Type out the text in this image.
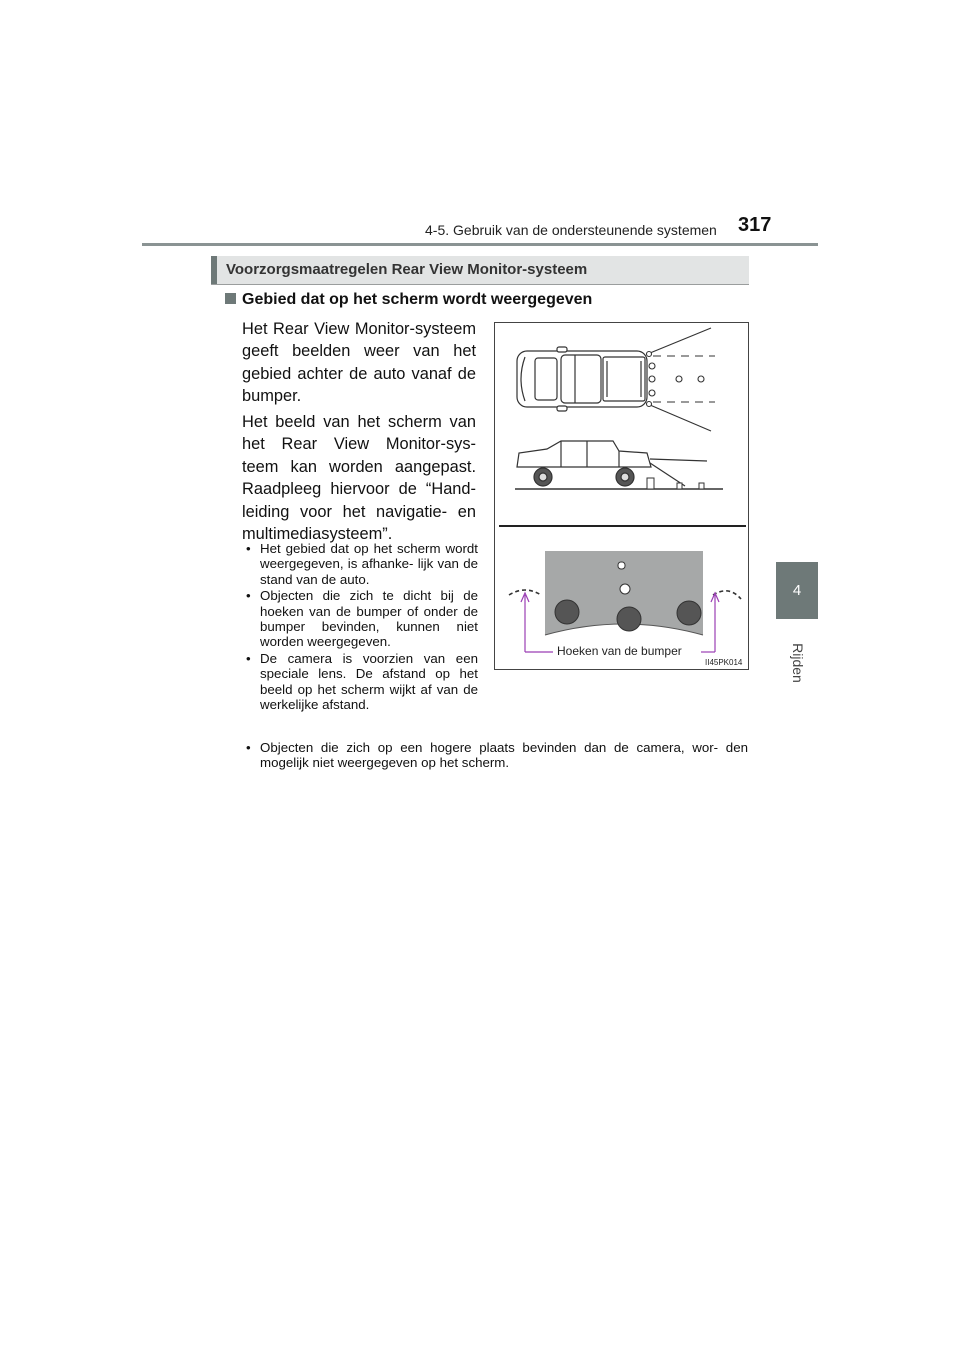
4-5. Gebruik van de ondersteunende systemen 317
4
Rijden
Voorzorgsmaatregelen Rear View Monitor-systeem
Gebied dat op het scherm wordt weergegeven
Het Rear View Monitor-systeem geeft beelden weer van het gebied achter de auto vanaf de bumper.
Het beeld van het scherm van het Rear View Monitor-sys- teem kan worden aangepast. Raadpleeg hiervoor de “Hand- leiding voor het navigatie- en multimediasysteem”.
• Het gebied dat op het scherm wordt weergegeven, is afhanke- lijk van de stand van de auto.
• Objecten die zich te dicht bij de hoeken van de bumper of onder de bumper bevinden, kunnen niet worden weergegeven.
• De camera is voorzien van een speciale lens. De afstand op het beeld op het scherm wijkt af van de werkelijke afstand.
• Objecten die zich op een hogere plaats bevinden dan de camera, wor- den mogelijk niet weergegeven op het scherm.
Hoeken van de bumper
II45PK014
